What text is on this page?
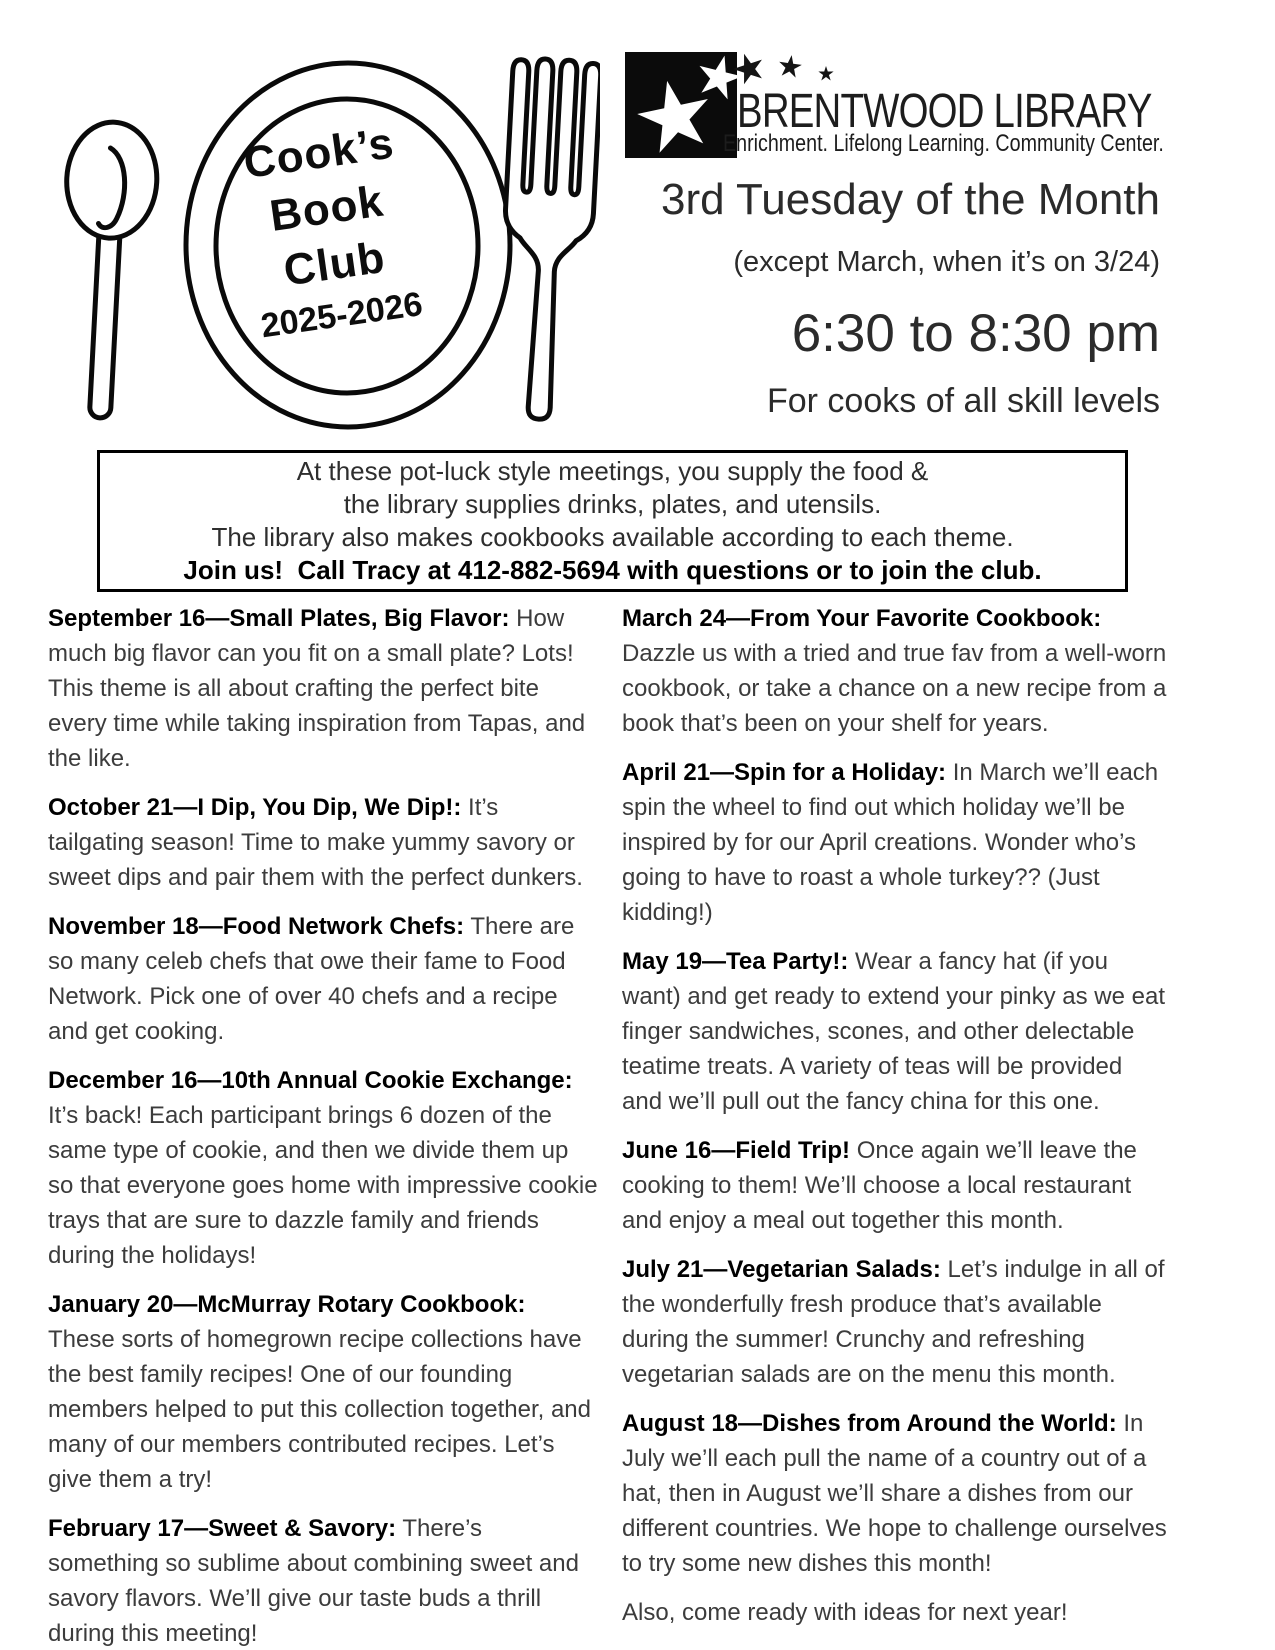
Cook’s
Book
Club
2025-2026
BRENTWOOD LIBRARY
Enrichment. Lifelong Learning. Community Center.
3rd Tuesday of the Month
(except March, when it’s on 3/24)
6:30 to 8:30 pm
For cooks of all skill levels
At these pot-luck style meetings, you supply the food &
the library supplies drinks, plates, and utensils.
The library also makes cookbooks available according to each theme.
Join us!  Call Tracy at 412-882-5694 with questions or to join the club.

September 16—Small Plates, Big Flavor: How much big flavor can you fit on a small plate? Lots! This theme is all about crafting the perfect bite every time while taking inspiration from Tapas, and the like.

October 21—I Dip, You Dip, We Dip!: It’s tailgating season! Time to make yummy savory or sweet dips and pair them with the perfect dunkers.

November 18—Food Network Chefs: There are so many celeb chefs that owe their fame to Food Network. Pick one of over 40 chefs and a recipe and get cooking.

December 16—10th Annual Cookie Exchange: It’s back! Each participant brings 6 dozen of the same type of cookie, and then we divide them up so that everyone goes home with impressive cookie trays that are sure to dazzle family and friends during the holidays!

January 20—McMurray Rotary Cookbook: These sorts of homegrown recipe collections have the best family recipes! One of our founding members helped to put this collection together, and many of our members contributed recipes. Let’s give them a try!

February 17—Sweet & Savory: There’s something so sublime about combining sweet and savory flavors. We’ll give our taste buds a thrill during this meeting!

March 24—From Your Favorite Cookbook: Dazzle us with a tried and true fav from a well-worn cookbook, or take a chance on a new recipe from a book that’s been on your shelf for years.

April 21—Spin for a Holiday: In March we’ll each spin the wheel to find out which holiday we’ll be inspired by for our April creations. Wonder who’s going to have to roast a whole turkey?? (Just kidding!)

May 19—Tea Party!: Wear a fancy hat (if you want) and get ready to extend your pinky as we eat finger sandwiches, scones, and other delectable teatime treats. A variety of teas will be provided and we’ll pull out the fancy china for this one.

June 16—Field Trip! Once again we’ll leave the cooking to them! We’ll choose a local restaurant and enjoy a meal out together this month.

July 21—Vegetarian Salads: Let’s indulge in all of the wonderfully fresh produce that’s available during the summer! Crunchy and refreshing vegetarian salads are on the menu this month.

August 18—Dishes from Around the World: In July we’ll each pull the name of a country out of a hat, then in August we’ll share a dishes from our different countries. We hope to challenge ourselves to try some new dishes this month!

Also, come ready with ideas for next year!
